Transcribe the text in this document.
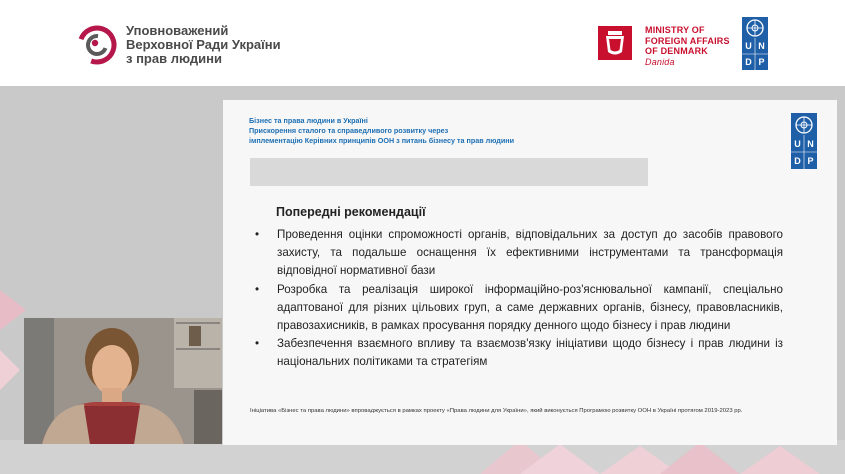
Уповноважений
Верховної Ради України
з прав людини
MINISTRY OF
FOREIGN AFFAIRS
OF DENMARK
Danida
U N
D P
Бізнес та права людини в Україні
Прискорення сталого та справедливого розвитку через
імплементацію Керівних принципів ООН з питань бізнесу та прав людини	U N
D P
Попередні рекомендації
• Проведення оцінки спроможності органів, відповідальних за доступ до засобів правового захисту, та подальше оснащення їх ефективними інструментами та трансформація відповідної нормативної бази
• Розробка та реалізація широкої інформаційно-роз'яснювальної кампанії, спеціально адаптованої для різних цільових груп, а саме державних органів, бізнесу, правовласників, правозахисників, в рамках просування порядку денного щодо бізнесу і прав людини
• Забезпечення взаємного впливу та взаємозв'язку ініціативи щодо бізнесу і прав людини із національних політиками та стратегіям
Ініціатива «Бізнес та права людини» впроваджується в рамках проекту «Права людини для України», який виконується Програмою розвитку ООН в Україні протягом 2019-2023 рр.
